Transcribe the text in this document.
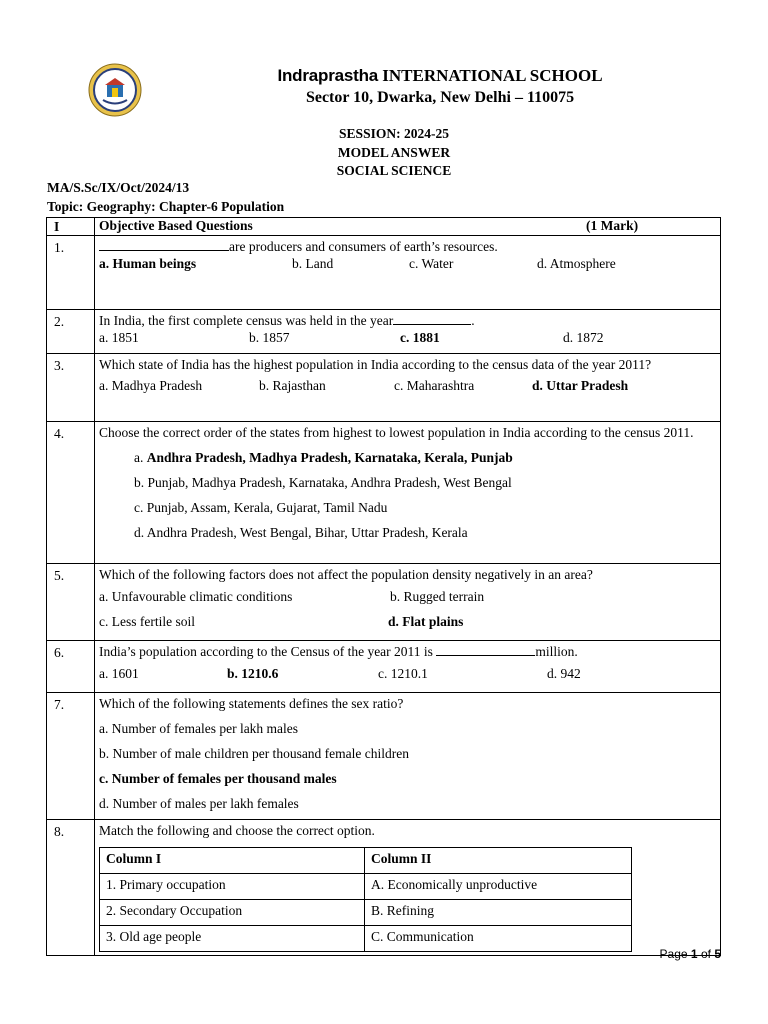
Indraprastha INTERNATIONAL SCHOOL
Sector 10, Dwarka, New Delhi – 110075
SESSION: 2024-25
MODEL ANSWER
SOCIAL SCIENCE
MA/S.Sc/IX/Oct/2024/13
Topic: Geography: Chapter-6 Population
I	Objective Based Questions	(1 Mark)

1.	are producers and consumers of earth’s resources.
a. Human beings	b. Land	c. Water	d. Atmosphere

2.	In India, the first complete census was held in the year	.
a. 1851	b. 1857	c. 1881	d. 1872

3.	Which state of India has the highest population in India according to the census data of the year 2011?
a. Madhya Pradesh	b. Rajasthan	c. Maharashtra	d. Uttar Pradesh

4.	Choose the correct order of the states from highest to lowest population in India according to the census 2011.
a. Andhra Pradesh, Madhya Pradesh, Karnataka, Kerala, Punjab
b. Punjab, Madhya Pradesh, Karnataka, Andhra Pradesh, West Bengal
c. Punjab, Assam, Kerala, Gujarat, Tamil Nadu
d. Andhra Pradesh, West Bengal, Bihar, Uttar Pradesh, Kerala

5.	Which of the following factors does not affect the population density negatively in an area?
a. Unfavourable climatic conditions	b. Rugged terrain
c. Less fertile soil	d. Flat plains

6.	India’s population according to the Census of the year 2011 is	million.
a. 1601	b. 1210.6	c. 1210.1	d. 942

7.	Which of the following statements defines the sex ratio?
a. Number of females per lakh males
b. Number of male children per thousand female children
c. Number of females per thousand males
d. Number of males per lakh females

8.	Match the following and choose the correct option.
Column I	Column II
1. Primary occupation	A. Economically unproductive
2. Secondary Occupation	B. Refining
3. Old age people	C. Communication
Page 1 of 5
